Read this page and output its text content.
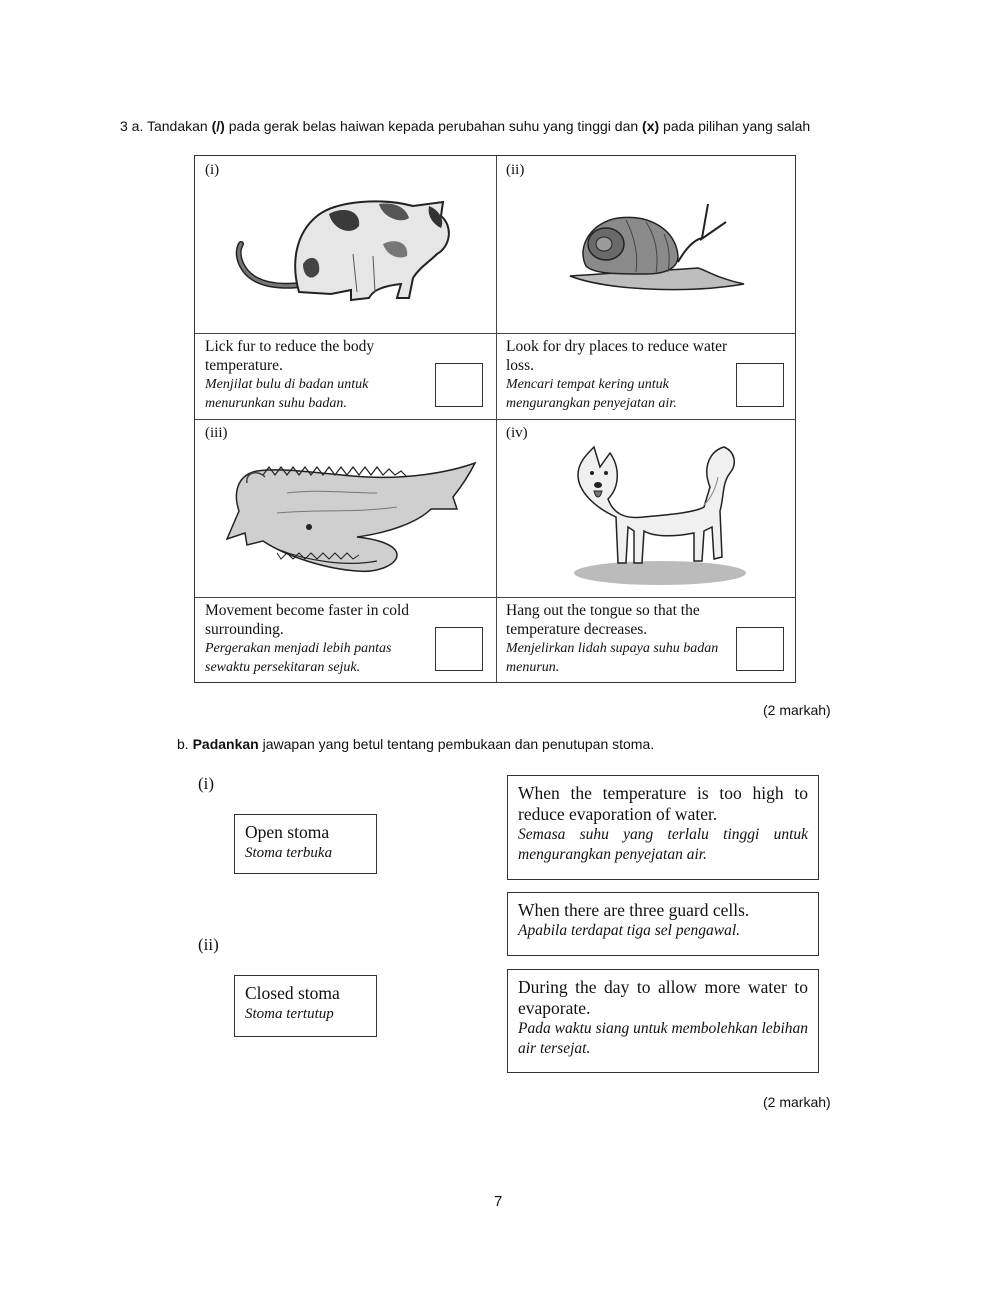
3 a. Tandakan (/) pada gerak belas haiwan kepada perubahan suhu yang tinggi dan (x) pada pilihan yang salah
(i)	(ii)
Lick fur to reduce the body temperature.
Menjilat bulu di badan untuk menurunkan suhu badan.
Look for dry places to reduce water loss.
Mencari tempat kering untuk mengurangkan penyejatan air.
(iii)	(iv)
Movement become faster in cold surrounding.
Pergerakan menjadi lebih pantas sewaktu persekitaran sejuk.
Hang out the tongue so that the temperature decreases.
Menjelirkan lidah supaya suhu badan menurun.
(2 markah)
b. Padankan jawapan yang betul tentang pembukaan dan penutupan stoma.
(i)
Open stoma
Stoma terbuka
(ii)
Closed stoma
Stoma tertutup
When the temperature is too high to reduce evaporation of water.
Semasa suhu yang terlalu tinggi untuk mengurangkan penyejatan air.
When there are three guard cells.
Apabila terdapat tiga sel pengawal.
During the day to allow more water to evaporate.
Pada waktu siang untuk membolehkan lebihan air tersejat.
(2 markah)
7
